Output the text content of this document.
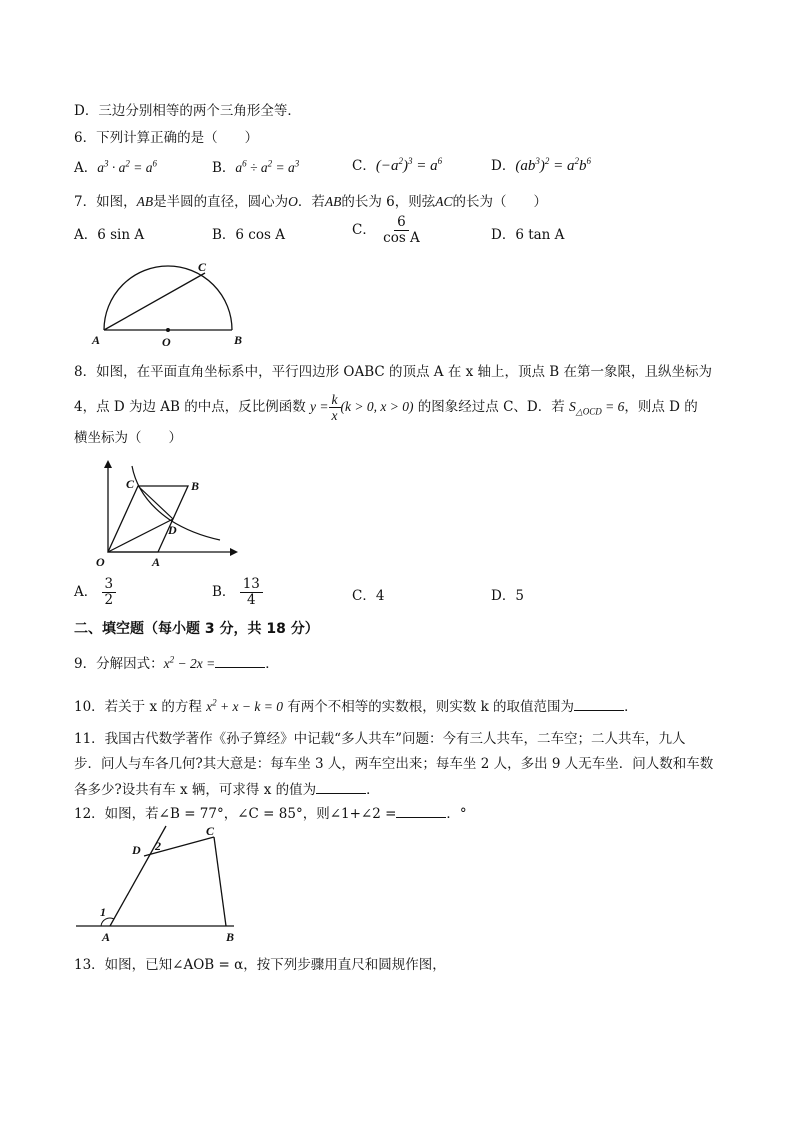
D．三边分别相等的两个三角形全等．
6．下列计算正确的是（　　）
A．$a^3 \cdot a^2 = a^6$	B．$a^6 \div a^2 = a^3$	C．$(-a^2)^3 = a^6$	D．$(ab^3)^2 = a^2b^6$
7．如图，AB是半圆的直径，圆心为O．若AB的长为 6，则弦AC的长为（　　）
A．6 sin A	B．6 cos A	C． $\frac{6}{\text{cos A}}$	D．6 tan A
A	O	B
C
8．如图，在平面直角坐标系中，平行四边形 OABC 的顶点 A 在 x 轴上，顶点 B 在第一象限，且纵坐标为
4，点 D 为边 AB 的中点，反比例函数 $y = \frac{k}{x} (k > 0$, x > 0) 的图象经过点 C、D．若 $S_{\triangle OCD} = 6$，则点 D 的
横坐标为（　　）
C	B
D
O	A
A． $\frac{3}{2}$	B． $\frac{13}{4}$	C．4	D．5
二、填空题（每小题 3 分，共 18 分）
9．分解因式：$x^2 - 2x$ =	．
10．若关于 x 的方程 $x^2 + x - k = 0$ 有两个不相等的实数根，则实数 k 的取值范围为	．
11．我国古代数学著作《孙子算经》中记载“多人共车”问题：今有三人共车，二车空；二人共车，九人
步．问人与车各几何?其大意是：每车坐 3 人，两车空出来；每车坐 2 人，多出 9 人无车坐．问人数和车数
各多少?设共有车 x 辆，可求得 x 的值为	．
12．如图，若∠B = 77°，∠C = 85°，则∠1+∠2 =	．°
C
D 2
1
A	B
13．如图，已知∠AOB = α，按下列步骤用直尺和圆规作图，
